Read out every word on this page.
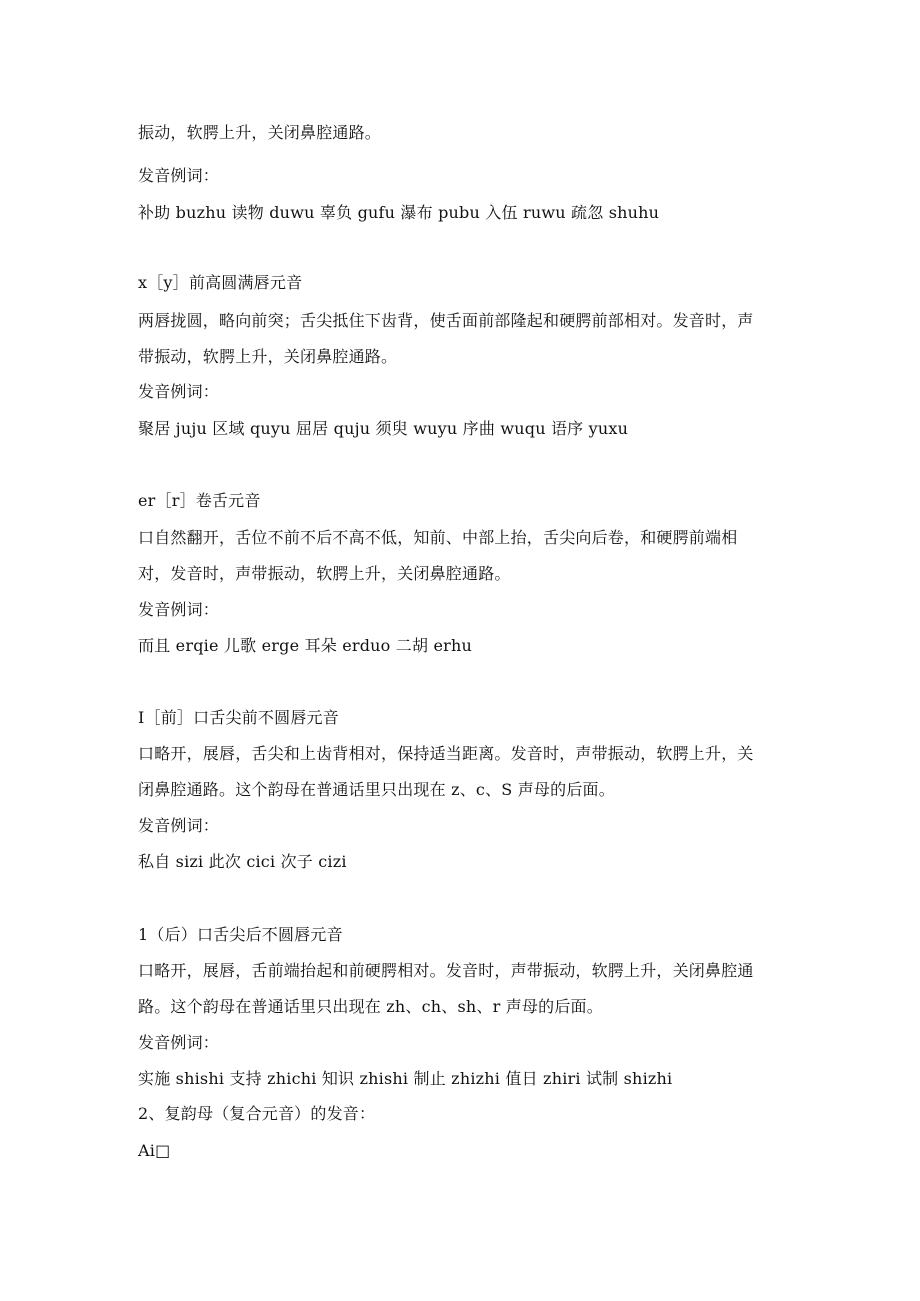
振动，软腭上升，关闭鼻腔通路。
发音例词：
补助 buzhu 读物 duwu 辜负 gufu 瀑布 pubu 入伍 ruwu 疏忽 shuhu
x［y］前高圆满唇元音
两唇拢圆，略向前突；舌尖抵住下齿背，使舌面前部隆起和硬腭前部相对。发音时，声
带振动，软腭上升，关闭鼻腔通路。
发音例词：
聚居 juju 区域 quyu 屈居 quju 须臾 wuyu 序曲 wuqu 语序 yuxu
er［r］卷舌元音
口自然翻开，舌位不前不后不高不低，知前、中部上抬，舌尖向后卷，和硬腭前端相
对，发音时，声带振动，软腭上升，关闭鼻腔通路。
发音例词：
而且 erqie 儿歌 erge 耳朵 erduo 二胡 erhu
I［前］口舌尖前不圆唇元音
口略开，展唇，舌尖和上齿背相对，保持适当距离。发音时，声带振动，软腭上升，关
闭鼻腔通路。这个韵母在普通话里只出现在 z、c、S 声母的后面。
发音例词：
私自 sizi 此次 cici 次子 cizi
1（后）口舌尖后不圆唇元音
口略开，展唇，舌前端抬起和前硬腭相对。发音时，声带振动，软腭上升，关闭鼻腔通
路。这个韵母在普通话里只出现在 zh、ch、sh、r 声母的后面。
发音例词：
实施 shishi 支持 zhichi 知识 zhishi 制止 zhizhi 值日 zhiri 试制 shizhi
2、复韵母（复合元音）的发音：
Ai□
